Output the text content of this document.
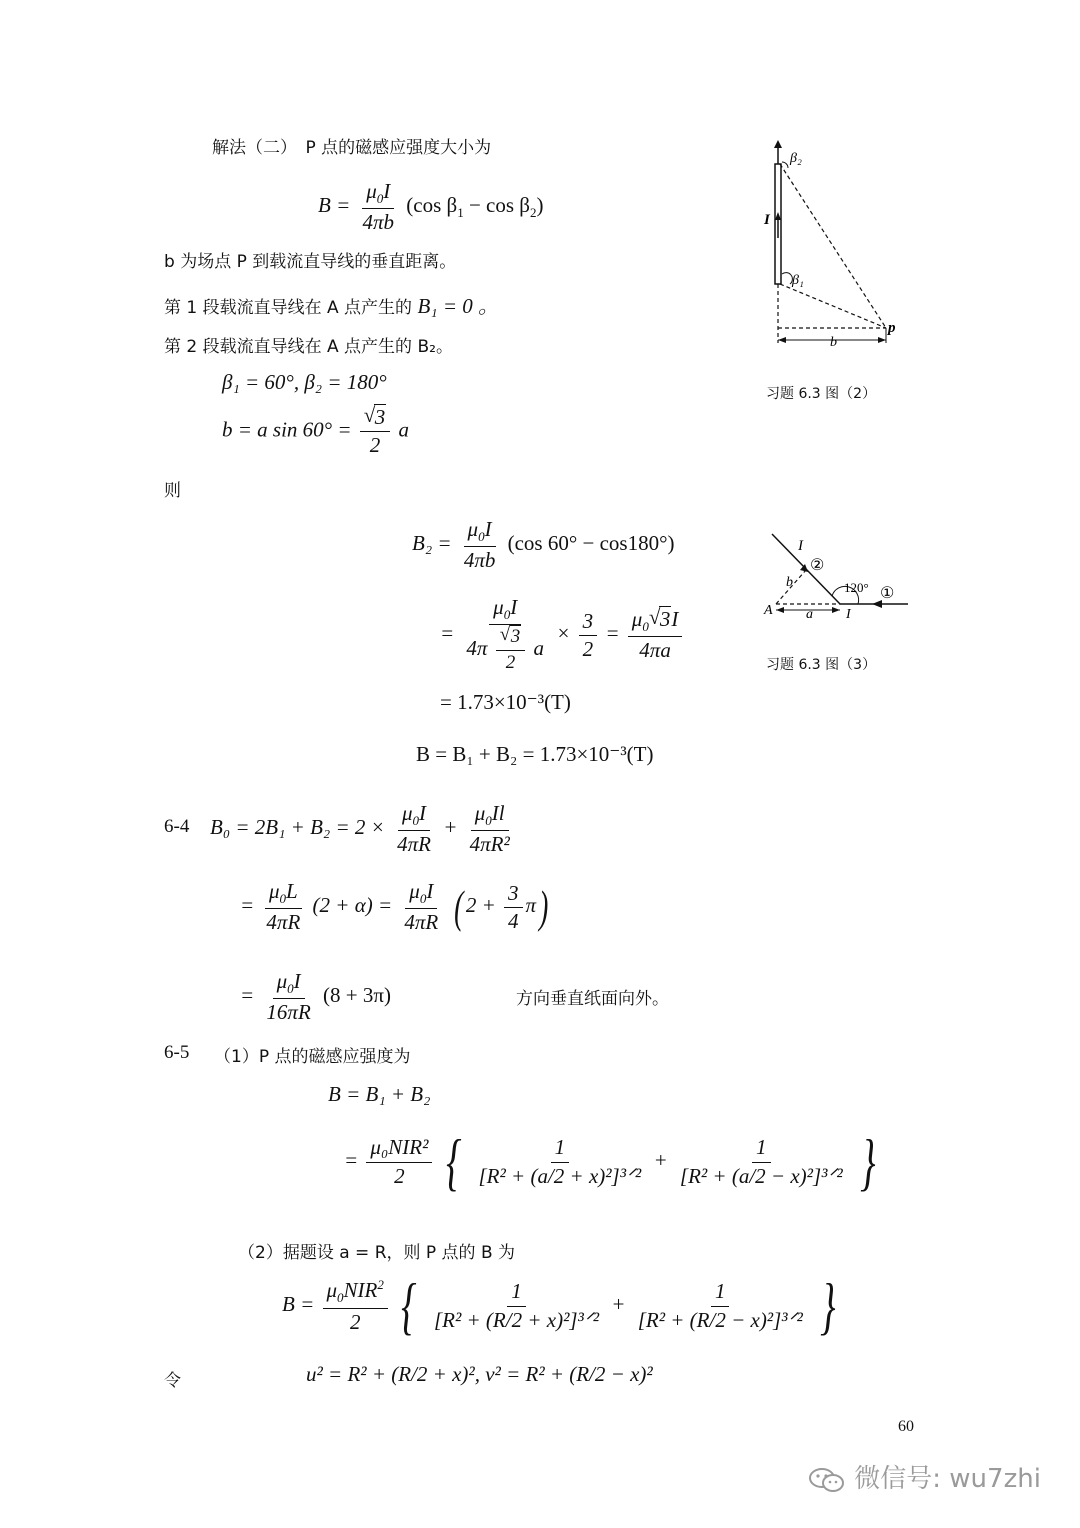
解法（二）　P 点的磁感应强度大小为
$B = \frac{\mu_0I}{4\pi b} (\cos$ $\beta_1 - \cos \beta_2$)
b 为场点 P 到载流直导线的垂直距离。
第 1 段载流直导线在 A 点产生的 B₁ = 0 。
第 2 段载流直导线在 A 点产生的 B₂。
β₁ = 60°, β₂ = 180°
b = a $\sin 60^\circ = \frac{√ 3}{2}$ a
则
$B_2 = \frac{\mu_0I}{4\pi b} (\cos$ 60° − cos180°)
= $\frac{\mu_0I}{4\pi \frac{√ 3}{2} a} \times \frac{3}{2} = \frac{\mu_0 √ 3I}{4\pi a}$
= 1.73×10⁻³(T)
B = B₁ + B₂ = 1.73×10⁻³(T)
6-4 $B_0 = 2B_1 + B_2 = 2 \times \frac{\mu_0I}{4\pi R} + \frac{\mu_0Il}{\text{4πR²}}$
= $\frac{\mu_0L}{4\pi R} (2 + \alpha) = \frac{\mu_0I}{4\pi R}$ ( $2 + \frac{3}{4} \pi$)
= $\frac{\mu_0I}{16\pi R} (8 + 3\pi)$	方向垂直纸面向外。
6-5 （1）P 点的磁感应强度为
B = B₁ + B₂
= $\frac{\text{μ₀NIR²}}{2}$ { $\frac{1}{\text{[R² + (a/2 + x)²]³ᐟ²}} + \frac{1}{\text{[R² + (a/2 − x)²]³ᐟ²}}$ }
（2）据题设 a = R，则 P 点的 B 为
$B = \frac{\mu_0NIR^2}{2}$ { $\frac{1}{\text{[R² + (R/2 + x)²]³ᐟ²}} + \frac{1}{\text{[R² + (R/2 − x)²]³ᐟ²}}$ }
令	u² = R² + (R/2 + x)², v² = R² + (R/2 − x)²
60
微信号: wu7zhi
β₂
β₁
I
p
b
习题 6.3 图（2）
I
②
120° ①
b
A a I
习题 6.3 图（3）
